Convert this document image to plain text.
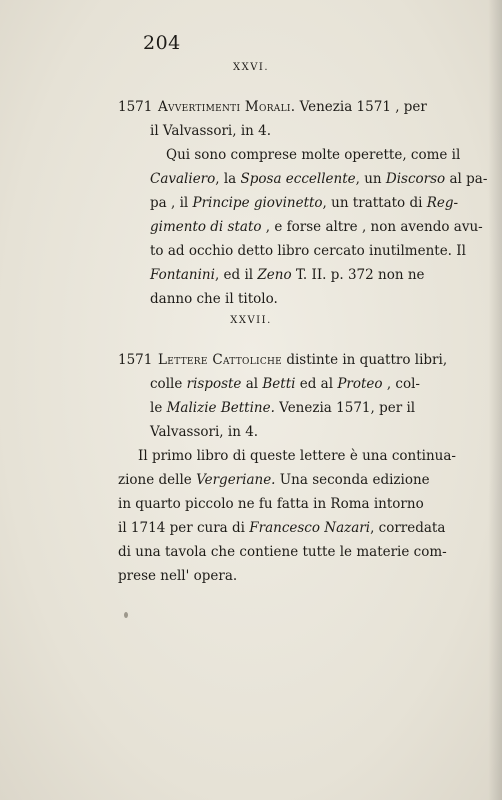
204
XXVI.
1571 Avvertimenti Morali. Venezia 1571 , per
il Valvassori, in 4.
Qui sono comprese molte operette, come il
Cavaliero, la Sposa eccellente, un Discorso al pa-
pa , il Principe giovinetto, un trattato di Reg-
gimento di stato , e forse altre , non avendo avu-
to ad occhio detto libro cercato inutilmente. Il
Fontanini, ed il Zeno T. II. p. 372 non ne
danno che il titolo.
XXVII.
1571 Lettere Cattoliche distinte in quattro libri,
colle risposte al Betti ed al Proteo , col-
le Malizie Bettine. Venezia 1571, per il
Valvassori, in 4.
Il primo libro di queste lettere è una continua-
zione delle Vergeriane. Una seconda edizione
in quarto piccolo ne fu fatta in Roma intorno
il 1714 per cura di Francesco Nazari, corredata
di una tavola che contiene tutte le materie com-
prese nell' opera.
